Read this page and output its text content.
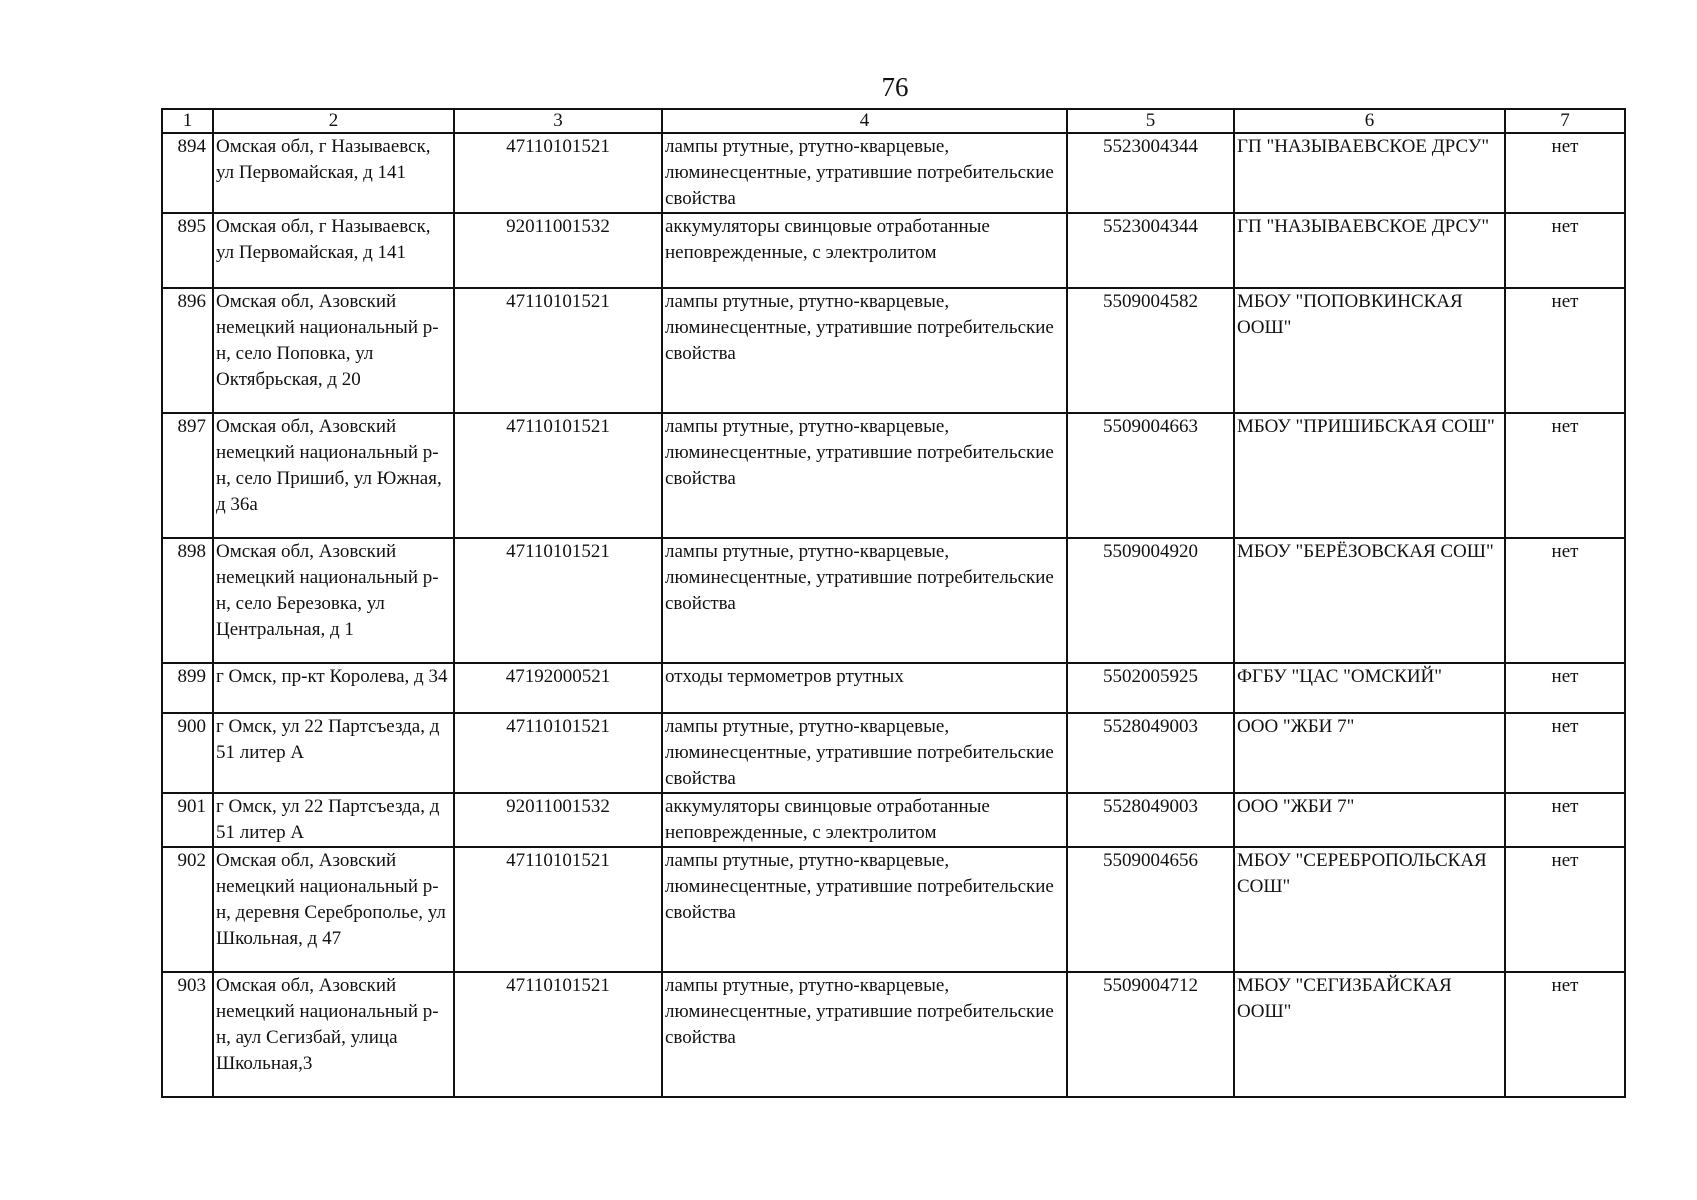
76
1	2	3	4	5	6	7
894	Омская обл, г Называевск, ул Первомайская, д 141	47110101521	лампы ртутные, ртутно-кварцевые, люминесцентные, утратившие потребительские свойства	5523004344	ГП "НАЗЫВАЕВСКОЕ ДРСУ"	нет
895	Омская обл, г Называевск, ул Первомайская, д 141	92011001532	аккумуляторы свинцовые отработанные неповрежденные, с электролитом	5523004344	ГП "НАЗЫВАЕВСКОЕ ДРСУ"	нет
896	Омская обл, Азовский немецкий национальный р-н, село Поповка, ул Октябрьская, д 20	47110101521	лампы ртутные, ртутно-кварцевые, люминесцентные, утратившие потребительские свойства	5509004582	МБОУ "ПОПОВКИНСКАЯ ООШ"	нет
897	Омская обл, Азовский немецкий национальный р-н, село Пришиб, ул Южная, д 36а	47110101521	лампы ртутные, ртутно-кварцевые, люминесцентные, утратившие потребительские свойства	5509004663	МБОУ "ПРИШИБСКАЯ СОШ"	нет
898	Омская обл, Азовский немецкий национальный р-н, село Березовка, ул Центральная, д 1	47110101521	лампы ртутные, ртутно-кварцевые, люминесцентные, утратившие потребительские свойства	5509004920	МБОУ "БЕРЁЗОВСКАЯ СОШ"	нет
899	г Омск, пр-кт Королева, д 34	47192000521	отходы термометров ртутных	5502005925	ФГБУ "ЦАС "ОМСКИЙ"	нет
900	г Омск, ул 22 Партсъезда, д 51 литер А	47110101521	лампы ртутные, ртутно-кварцевые, люминесцентные, утратившие потребительские свойства	5528049003	ООО "ЖБИ 7"	нет
901	г Омск, ул 22 Партсъезда, д 51 литер А	92011001532	аккумуляторы свинцовые отработанные неповрежденные, с электролитом	5528049003	ООО "ЖБИ 7"	нет
902	Омская обл, Азовский немецкий национальный р-н, деревня Сереброполье, ул Школьная, д 47	47110101521	лампы ртутные, ртутно-кварцевые, люминесцентные, утратившие потребительские свойства	5509004656	МБОУ "СЕРЕБРОПОЛЬСКАЯ СОШ"	нет
903	Омская обл, Азовский немецкий национальный р-н, аул Сегизбай, улица Школьная,3	47110101521	лампы ртутные, ртутно-кварцевые, люминесцентные, утратившие потребительские свойства	5509004712	МБОУ "СЕГИЗБАЙСКАЯ ООШ"	нет
